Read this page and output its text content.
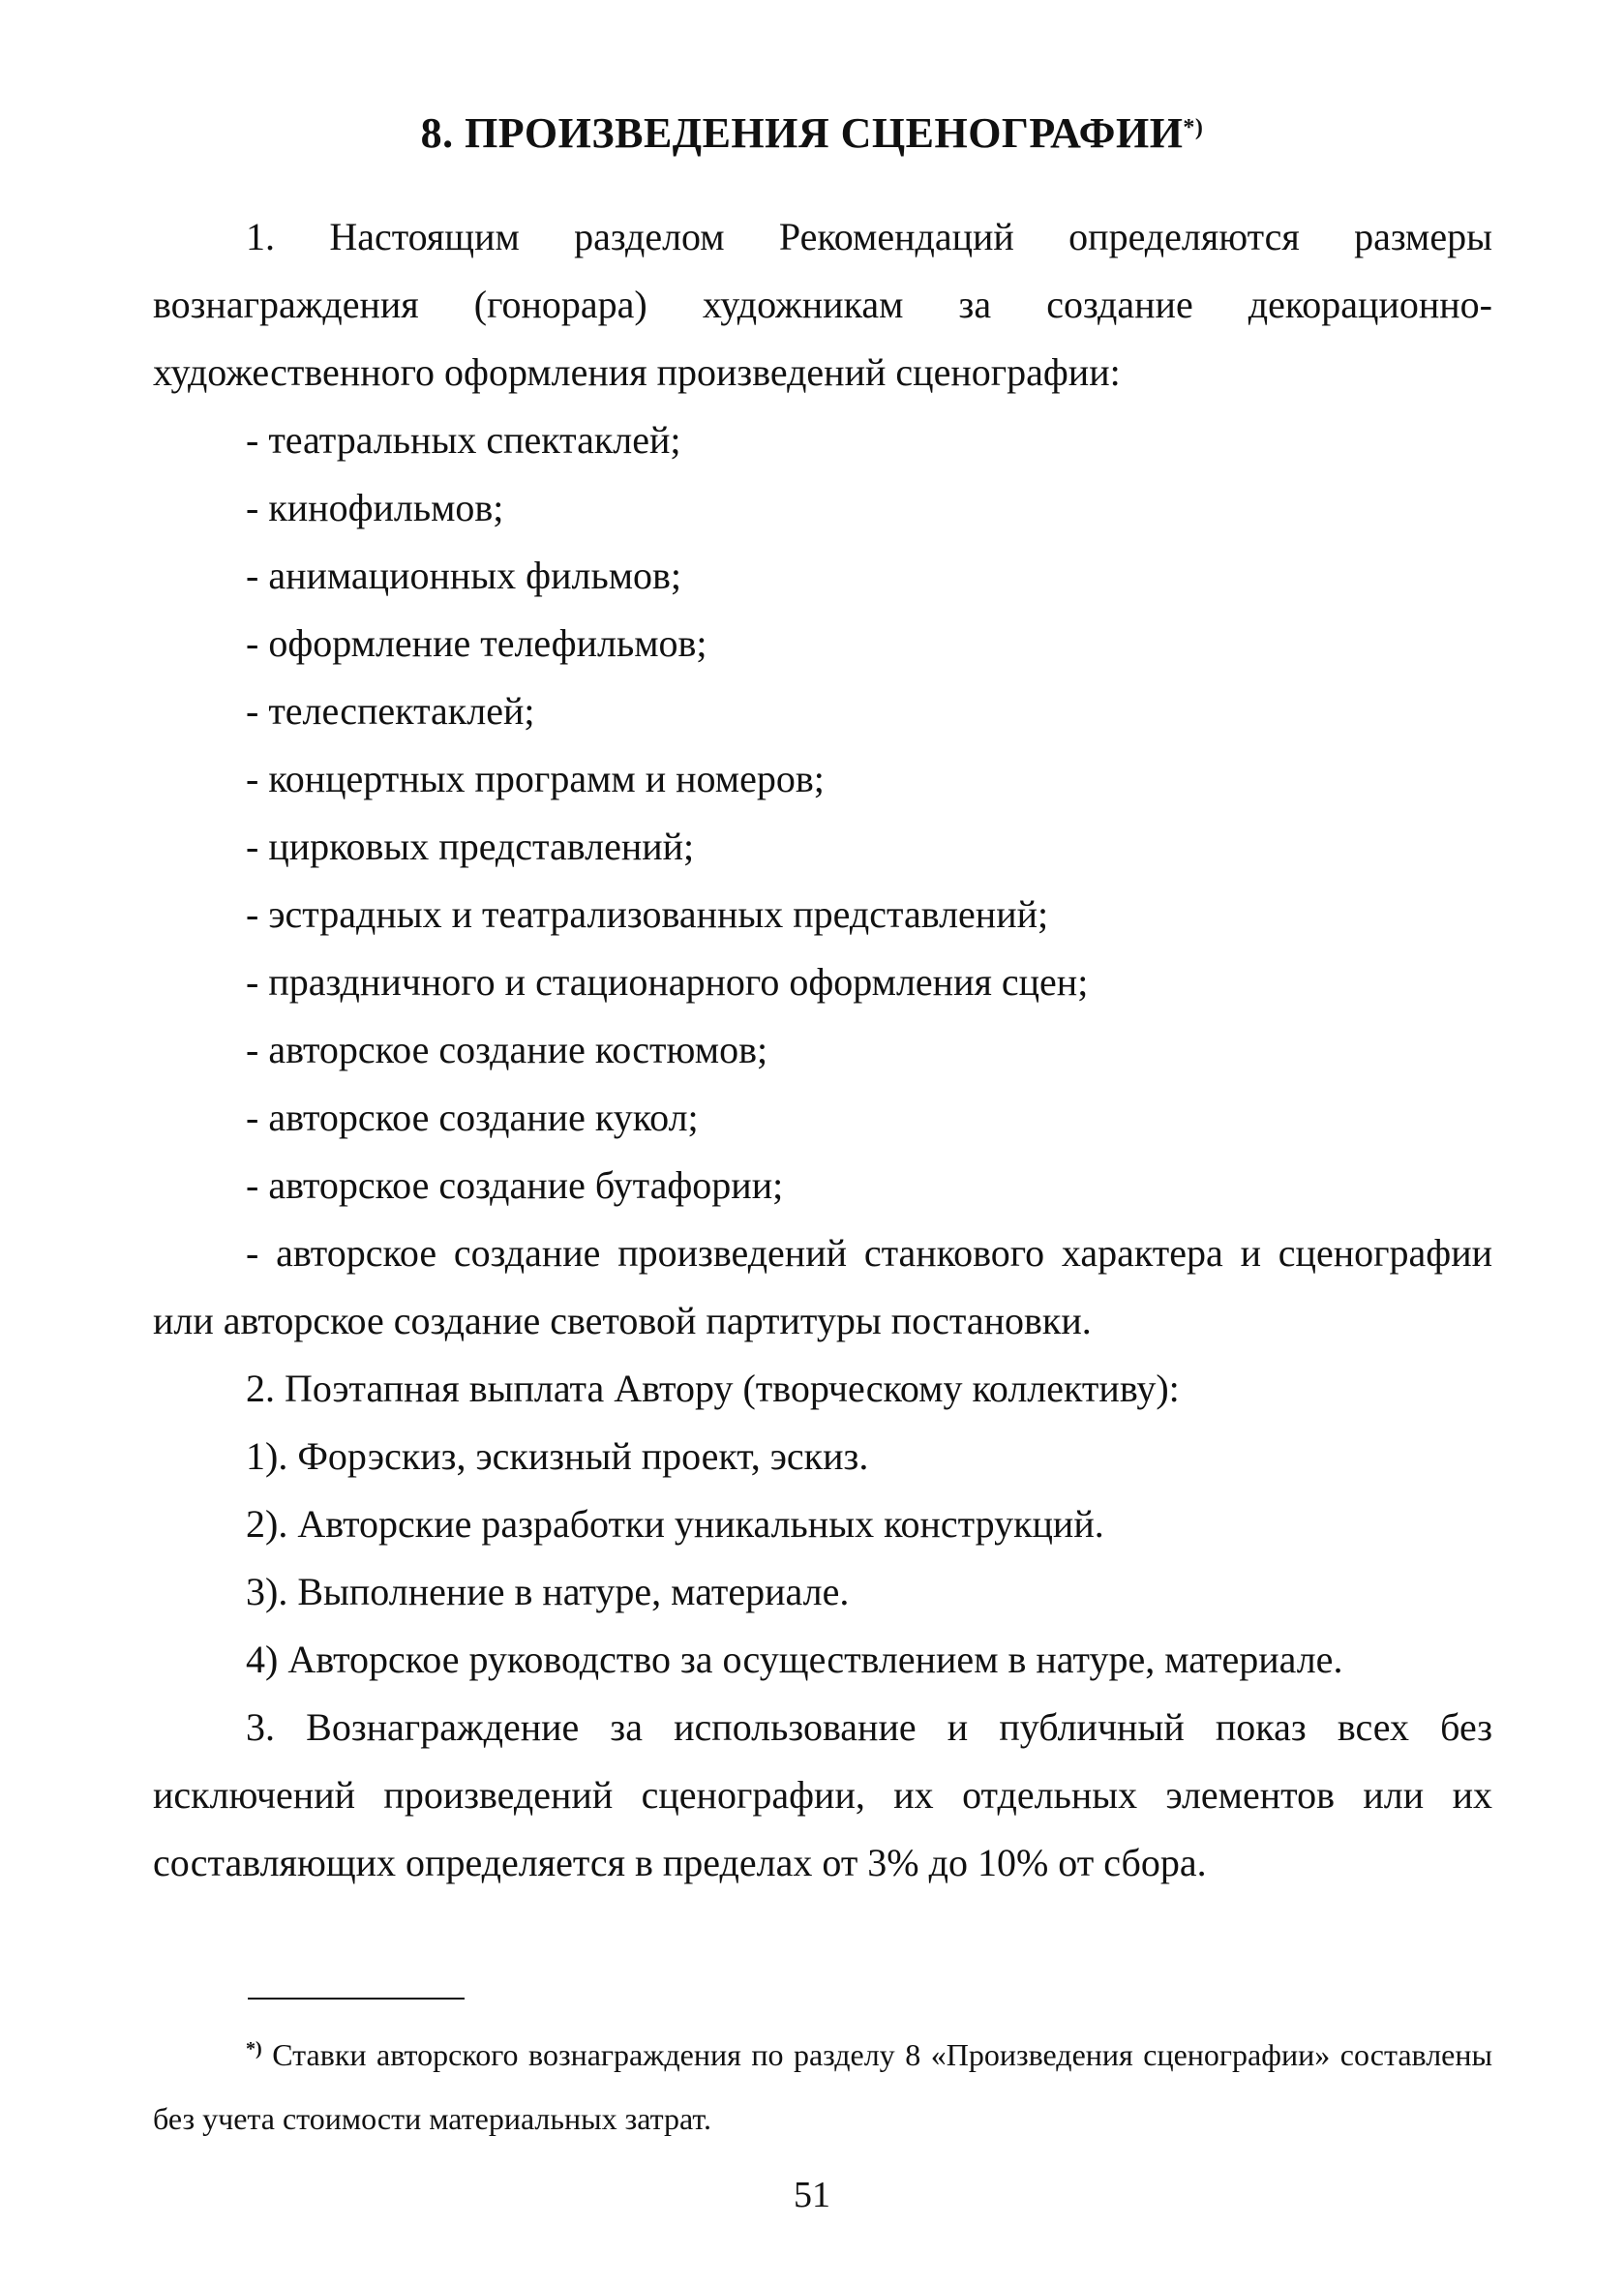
8. ПРОИЗВЕДЕНИЯ СЦЕНОГРАФИИ*)

1. Настоящим разделом Рекомендаций определяются размеры вознаграждения (гонорара) художникам за создание декорационно-художественного оформления произведений сценографии:

- театральных спектаклей;

- кинофильмов;

- анимационных фильмов;

- оформление телефильмов;

- телеспектаклей;

- концертных программ и номеров;

- цирковых представлений;

- эстрадных и театрализованных представлений;

- праздничного и стационарного оформления сцен;

- авторское создание костюмов;

- авторское создание кукол;

- авторское создание бутафории;

- авторское создание произведений станкового характера и сценографии или авторское создание световой партитуры постановки.

2. Поэтапная выплата Автору (творческому коллективу):

1). Форэскиз, эскизный проект, эскиз.

2). Авторские разработки уникальных конструкций.

3). Выполнение в натуре, материале.

4) Авторское руководство за осуществлением в натуре, материале.

3. Вознаграждение за использование и публичный показ всех без исключений произведений сценографии, их отдельных элементов или их составляющих определяется в пределах от 3% до 10% от сбора.

*) Ставки авторского вознаграждения по разделу 8 «Произведения сценографии» составлены без учета стоимости материальных затрат.
51
